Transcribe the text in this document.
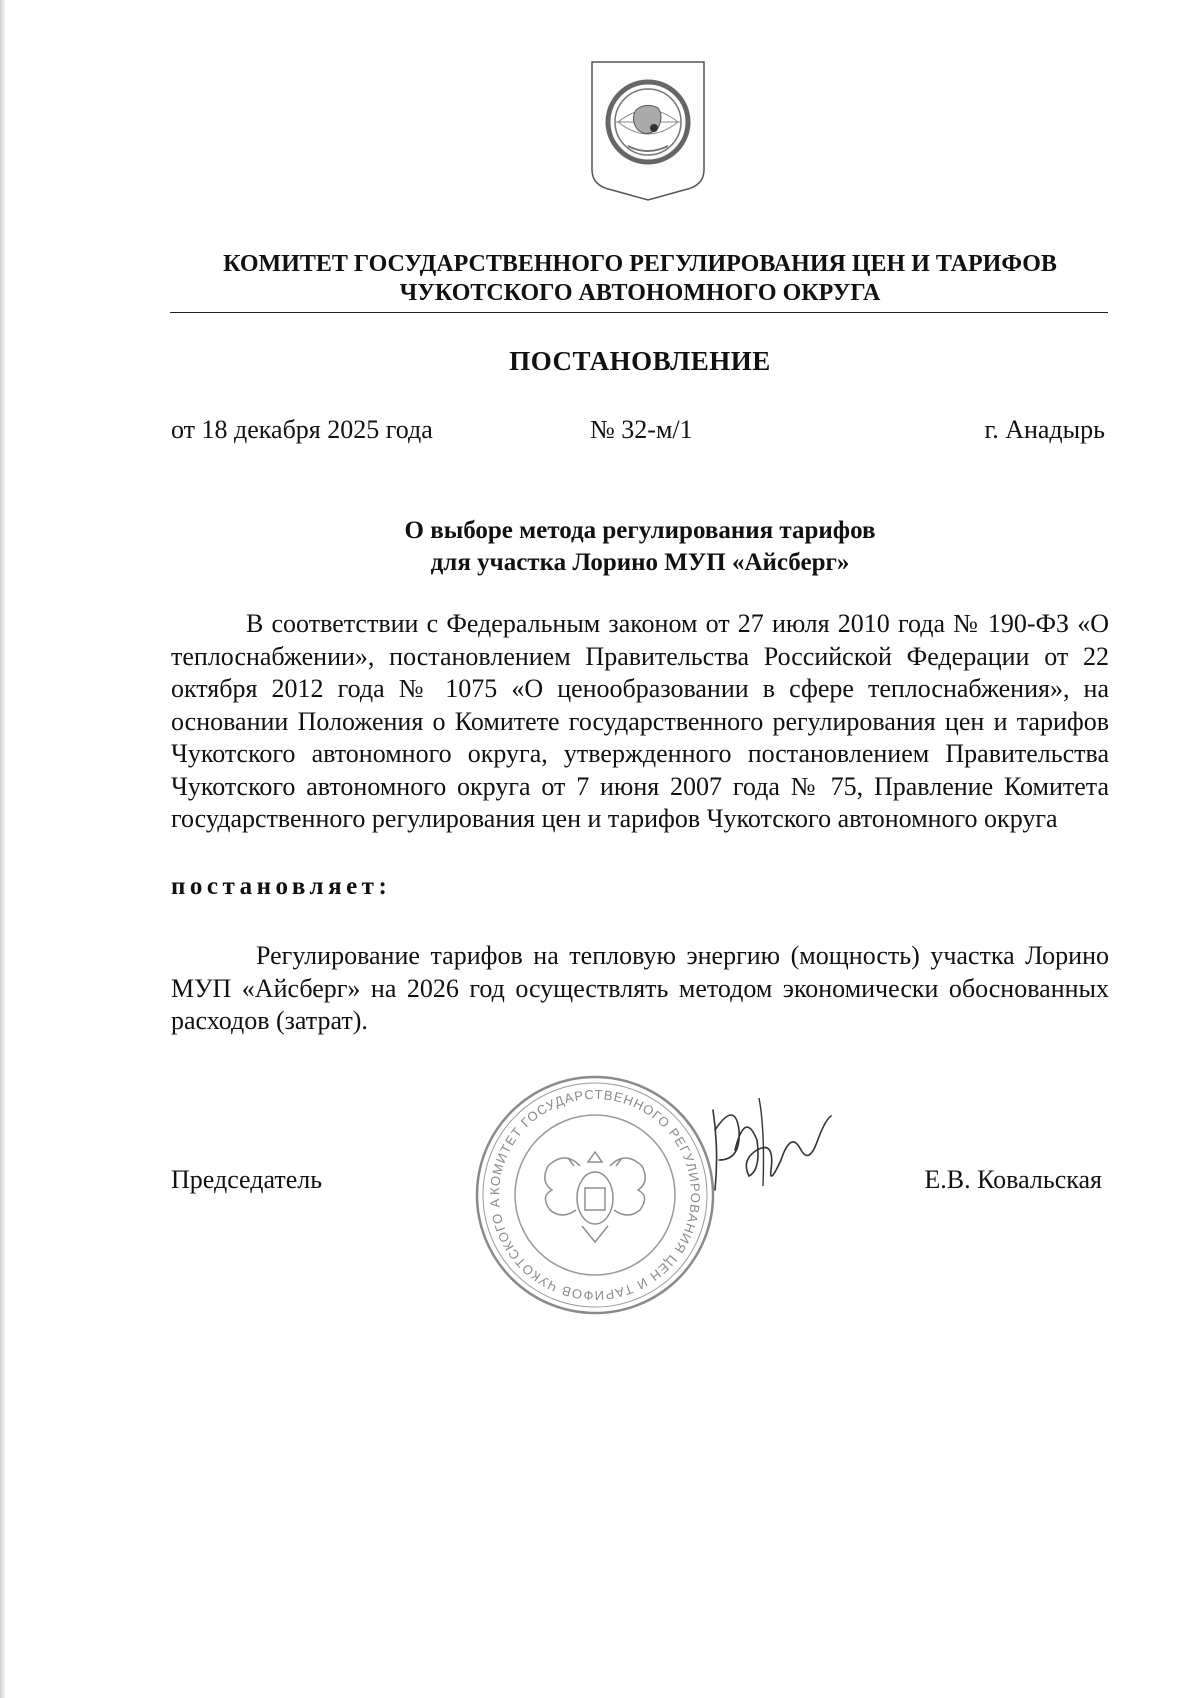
КОМИТЕТ ГОСУДАРСТВЕННОГО РЕГУЛИРОВАНИЯ ЦЕН И ТАРИФОВ
ЧУКОТСКОГО АВТОНОМНОГО ОКРУГА
ПОСТАНОВЛЕНИЕ
от 18 декабря 2025 года	№ 32-м/1	г. Анадырь
О выборе метода регулирования тарифов
для участка Лорино МУП «Айсберг»
В соответствии с Федеральным законом от 27 июля 2010 года № 190-ФЗ «О теплоснабжении», постановлением Правительства Российской Федерации от 22 октября 2012 года № 1075 «О ценообразовании в сфере теплоснабжения», на основании Положения о Комитете государственного регулирования цен и тарифов Чукотского автономного округа, утвержденного постановлением Правительства Чукотского автономного округа от 7 июня 2007 года № 75, Правление Комитета государственного регулирования цен и тарифов Чукотского автономного округа
постановляет:
Регулирование тарифов на тепловую энергию (мощность) участка Лорино МУП «Айсберг» на 2026 год осуществлять методом экономически обоснованных расходов (затрат).
Председатель	КОМИТЕТ ГОСУДАРСТВЕННОГО РЕГУЛИРОВАНИЯ ЦЕН И ТАРИФОВ ЧУКОТСКОГО А
Е.В. Ковальская
